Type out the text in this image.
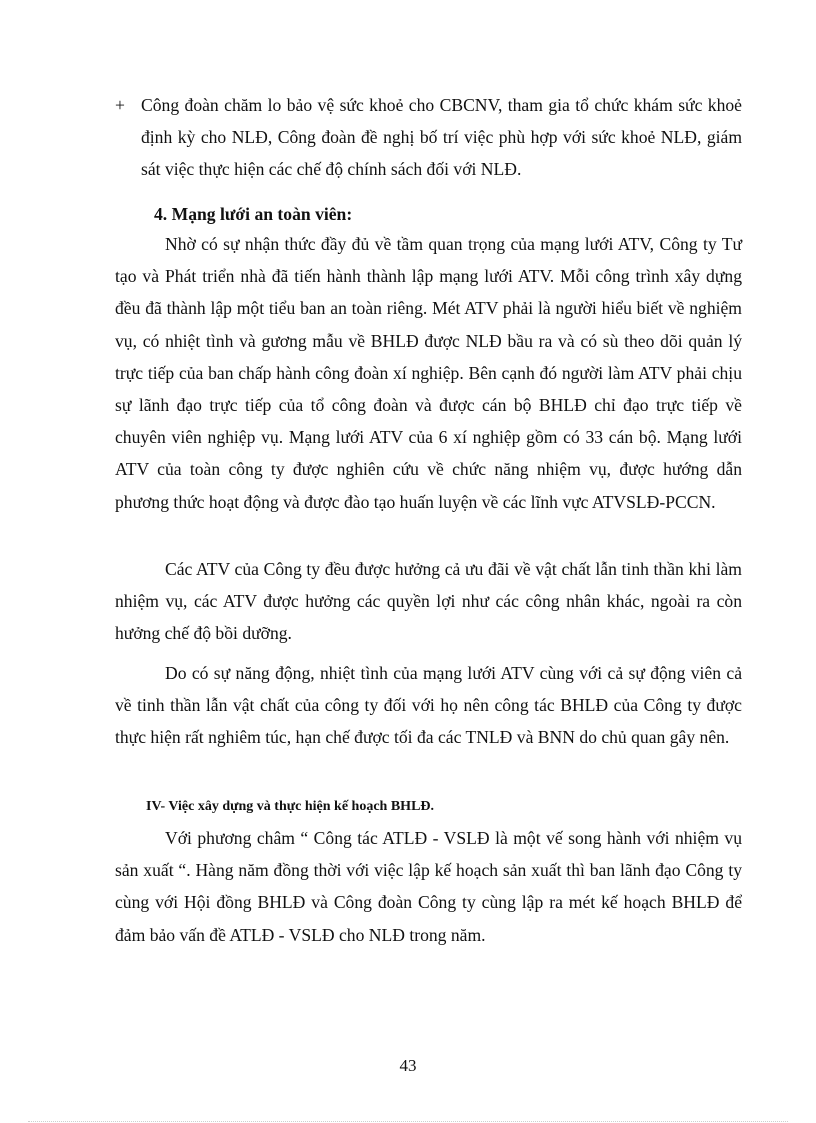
+ Công đoàn chăm lo bảo vệ sức khoẻ cho CBCNV, tham gia tổ chức khám sức khoẻ định kỳ cho NLĐ, Công đoàn đề nghị bố trí việc phù hợp với sức khoẻ NLĐ, giám sát việc thực hiện các chế độ chính sách đối với NLĐ.

4. Mạng lưới an toàn viên:

Nhờ có sự nhận thức đầy đủ về tầm quan trọng của mạng lưới ATV, Công ty Tư tạo và Phát triển nhà đã tiến hành thành lập mạng lưới ATV. Mỗi công trình xây dựng đều đã thành lập một tiểu ban an toàn riêng. Mét ATV phải là người hiểu biết về nghiệm vụ, có nhiệt tình và gương mẫu về BHLĐ được NLĐ bầu ra và có sù theo dõi quản lý trực tiếp của ban chấp hành công đoàn xí nghiệp. Bên cạnh đó người làm ATV phải chịu sự lãnh đạo trực tiếp của tổ công đoàn và được cán bộ BHLĐ chỉ đạo trực tiếp về chuyên viên nghiệp vụ. Mạng lưới ATV của 6 xí nghiệp gồm có 33 cán bộ. Mạng lưới ATV của toàn công ty được nghiên cứu về chức năng nhiệm vụ, được hướng dẫn phương thức hoạt động và được đào tạo huấn luyện về các lĩnh vực ATVSLĐ-PCCN.

Các ATV của Công ty đều được hưởng cả ưu đãi về vật chất lẫn tinh thần khi làm nhiệm vụ, các ATV được hưởng các quyền lợi như các công nhân khác, ngoài ra còn hưởng chế độ bồi dưỡng.

Do có sự năng động, nhiệt tình của mạng lưới ATV cùng với cả sự động viên cả về tinh thần lẫn vật chất của công ty đối với họ nên công tác BHLĐ của Công ty được thực hiện rất nghiêm túc, hạn chế được tối đa các TNLĐ và BNN do chủ quan gây nên.

IV- Việc xây dựng và thực hiện kế hoạch BHLĐ.

Với phương châm “ Công tác ATLĐ - VSLĐ là một vế song hành với nhiệm vụ sản xuất “. Hàng năm đồng thời với việc lập kế hoạch sản xuất thì ban lãnh đạo Công ty cùng với Hội đồng BHLĐ và Công đoàn Công ty cùng lập ra mét kế hoạch BHLĐ để đảm bảo vấn đề ATLĐ - VSLĐ cho NLĐ trong năm.

43
